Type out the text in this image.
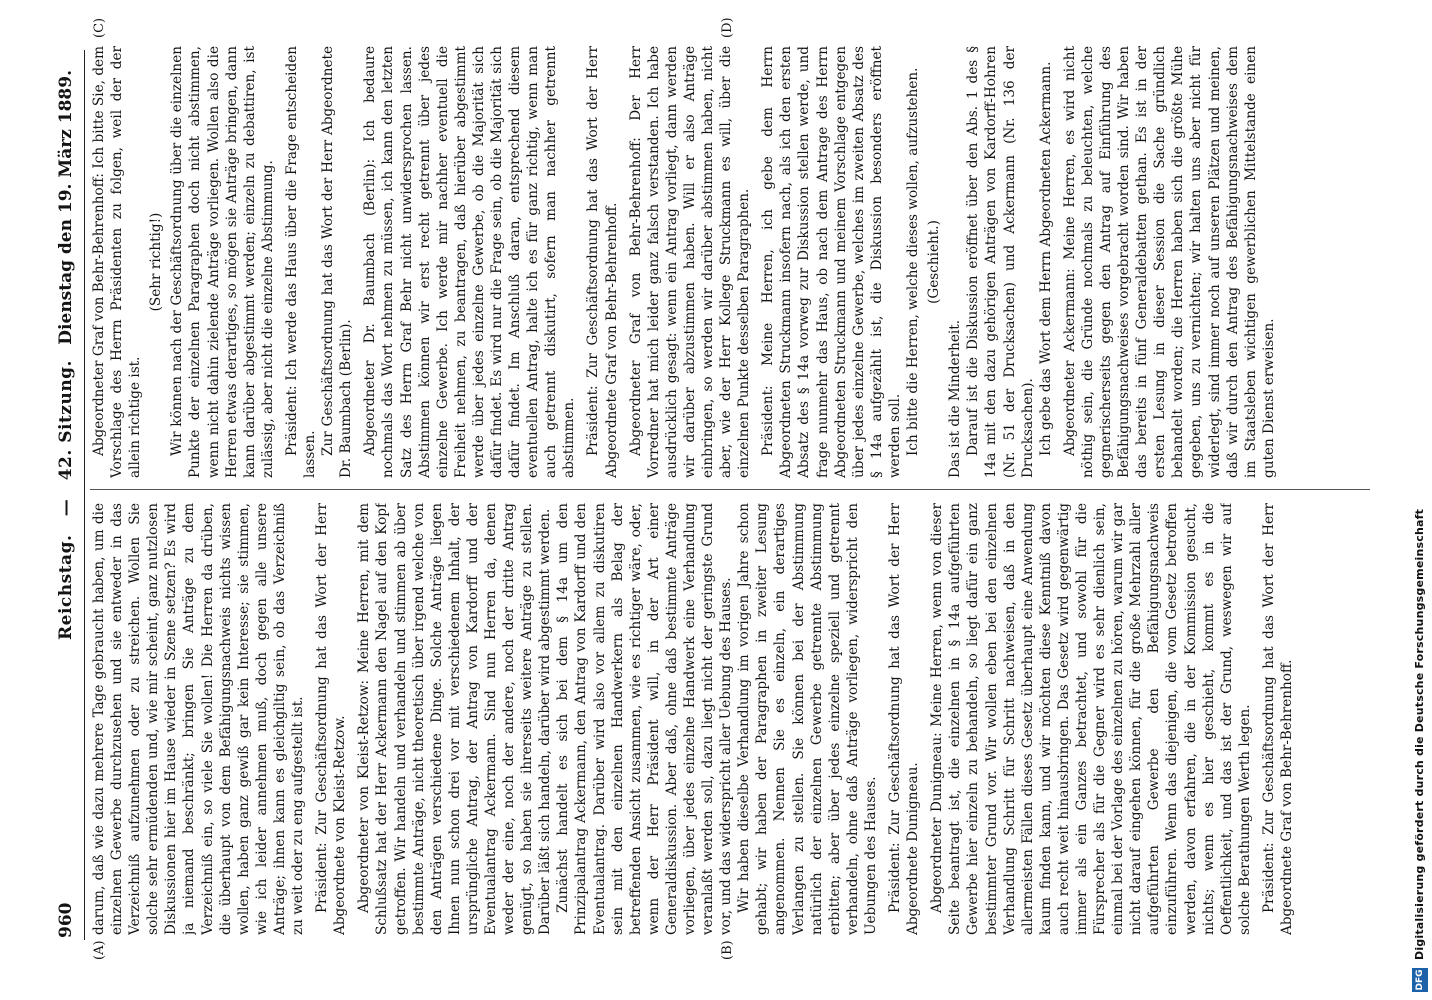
960
Reichstag. — 42. Sitzung.
Dienstag den 19. März 1889.
(A)	(B)
(C)	(D)

darum, daß wie dazu mehrere Tage gebraucht haben, um die einzelnen Gewerbe durchzusehen und sie entweder in das Verzeichniß aufzunehmen oder zu streichen. Wollen Sie solche sehr ermüdenden und, wie mir scheint, ganz nutzlosen Diskussionen hier im Hause wieder in Szene setzen? Es wird ja niemand beschränkt; bringen Sie Anträge zu dem Verzeichniß ein, so viele Sie wollen! Die Herren da drüben, die überhaupt von dem Befähigungsnachweis nichts wissen wollen, haben ganz gewiß gar kein Interesse; sie stimmen, wie ich leider annehmen muß, doch gegen alle unsere Anträge; ihnen kann es gleichgiltig sein, ob das Verzeichniß zu weit oder zu eng aufgestellt ist. Präsident: Zur Geschäftsordnung hat das Wort der Herr Abgeordnete von Kleist-Retzow. Abgeordneter von Kleist-Retzow: Meine Herren, mit dem Schlußsatz hat der Herr Ackermann den Nagel auf den Kopf getroffen. Wir handeln und verhandeln und stimmen ab über bestimmte Anträge, nicht theoretisch über irgend welche von den Anträgen verschiedene Dinge. Solche Anträge liegen Ihnen nun schon drei vor mit verschiedenem Inhalt, der ursprüngliche Antrag, der Antrag von Kardorff und der Eventualantrag Ackermann. Sind nun Herren da, denen weder der eine, noch der andere, noch der dritte Antrag genügt, so haben sie ihrerseits weitere Anträge zu stellen. Darüber läßt sich handeln, darüber wird abgestimmt werden. Zunächst handelt es sich bei dem § 14a um den Prinzipalantrag Ackermann, den Antrag von Kardorff und den Eventualantrag. Darüber wird also vor allem zu diskutiren sein mit den einzelnen Handwerkern als Belag der betreffenden Ansicht zusammen, wie es richtiger wäre, oder, wenn der Herr Präsident will, in der Art einer Generaldiskussion. Aber daß, ohne daß bestimmte Anträge vorliegen, über jedes einzelne Handwerk eine Verhandlung veranlaßt werden soll, dazu liegt nicht der geringste Grund vor, und das widerspricht aller Uebung des Hauses. Wir haben dieselbe Verhandlung im vorigen Jahre schon gehabt; wir haben der Paragraphen in zweiter Lesung angenommen. Nennen Sie es einzeln, ein derartiges Verlangen zu stellen. Sie können bei der Abstimmung natürlich der einzelnen Gewerbe getrennte Abstimmung erbitten; aber über jedes einzelne speziell und getrennt verhandeln, ohne daß Anträge vorliegen, widerspricht den Uebungen des Hauses. Präsident: Zur Geschäftsordnung hat das Wort der Herr Abgeordnete Dunigneau. Abgeordneter Dunigneau: Meine Herren, wenn von dieser Seite beantragt ist, die einzelnen in § 14a aufgeführten Gewerbe hier einzeln zu behandeln, so liegt dafür ein ganz bestimmter Grund vor. Wir wollen eben bei den einzelnen Verhandlung Schritt für Schritt nachweisen, daß in den allermeisten Fällen dieses Gesetz überhaupt eine Anwendung kaum finden kann, und wir möchten diese Kenntniß davon auch recht weit hinausbringen. Das Gesetz wird gegenwärtig immer als ein Ganzes betrachtet, und sowohl für die Fürsprecher als für die Gegner wird es sehr dienlich sein, einmal bei der Vorlage des einzelnen zu hören, warum wir gar nicht darauf eingehen können, für die große Mehrzahl aller aufgeführten Gewerbe den Befähigungsnachweis einzuführen. Wenn das diejenigen, die vom Gesetz betroffen werden, davon erfahren, die in der Kommission gesucht, nichts; wenn es hier geschieht, kommt es in die Oeffentlichkeit, und das ist der Grund, weswegen wir auf solche Berathungen Werth legen. Präsident: Zur Geschäftsordnung hat das Wort der Herr Abgeordnete Graf von Behr-Behrenhoff.

Abgeordneter Graf von Behr-Behrenhoff: Ich bitte Sie, dem Vorschlage des Herrn Präsidenten zu folgen, weil der der allein richtige ist.

(Sehr richtig!) Wir können nach der Geschäftsordnung über die einzelnen Punkte der einzelnen Paragraphen doch nicht abstimmen, wenn nicht dahin zielende Anträge vorliegen. Wollen also die Herren etwas derartiges, so mögen sie Anträge bringen, dann kann darüber abgestimmt werden; einzeln zu debattiren, ist zulässig, aber nicht die einzelne Abstimmung. Präsident: Ich werde das Haus über die Frage entscheiden lassen. Zur Geschäftsordnung hat das Wort der Herr Abgeordnete Dr. Baumbach (Berlin). Abgeordneter Dr. Baumbach (Berlin): Ich bedaure nochmals das Wort nehmen zu müssen, ich kann den letzten Satz des Herrn Graf Behr nicht unwidersprochen lassen. Abstimmen können wir erst recht getrennt über jedes einzelne Gewerbe. Ich werde mir nachher eventuell die Freiheit nehmen, zu beantragen, daß hierüber abgestimmt werde über jedes einzelne Gewerbe, ob die Majorität sich dafür findet. Es wird nur die Frage sein, ob die Majorität sich dafür findet. Im Anschluß daran, entsprechend diesem eventuellen Antrag, halte ich es für ganz richtig, wenn man auch getrennt diskutirt, sofern man nachher getrennt abstimmen. Präsident: Zur Geschäftsordnung hat das Wort der Herr Abgeordnete Graf von Behr-Behrenhoff. Abgeordneter Graf von Behr-Behrenhoff: Der Herr Vorredner hat mich leider ganz falsch verstanden. Ich habe ausdrücklich gesagt: wenn ein Antrag vorliegt, dann werden wir darüber abzustimmen haben. Will er also Anträge einbringen, so werden wir darüber abstimmen haben, nicht aber, wie der Herr Kollege Struckmann es will, über die einzelnen Punkte desselben Paragraphen. Präsident: Meine Herren, ich gebe dem Herrn Abgeordneten Struckmann insofern nach, als ich den ersten Absatz des § 14a vorweg zur Diskussion stellen werde, und frage nunmehr das Haus, ob nach dem Antrage des Herrn Abgeordneten Struckmann und meinem Vorschlage entgegen über jedes einzelne Gewerbe, welches im zweiten Absatz des § 14a aufgezählt ist, die Diskussion besonders eröffnet werden soll. Ich bitte die Herren, welche dieses wollen, aufzustehen. (Geschieht.)

Das ist die Minderheit. Darauf ist die Diskussion eröffnet über den Abs. 1 des § 14a mit den dazu gehörigen Anträgen von Kardorff-Hohren (Nr. 51 der Drucksachen) und Ackermann (Nr. 136 der Drucksachen). Ich gebe das Wort dem Herrn Abgeordneten Ackermann. Abgeordneter Ackermann: Meine Herren, es wird nicht nöthig sein, die Gründe nochmals zu beleuchten, welche gegnerischerseits gegen den Antrag auf Einführung des Befähigungsnachweises vorgebracht worden sind. Wir haben das bereits in fünf Generaldebatten gethan. Es ist in der ersten Lesung in dieser Session die Sache gründlich behandelt worden; die Herren haben sich die größte Mühe gegeben, uns zu vernichten; wir halten uns aber nicht für widerlegt, sind immer noch auf unseren Plätzen und meinen, daß wir durch den Antrag des Befähigungsnachweises dem im Staatsleben wichtigen gewerblichen Mittelstande einen guten Dienst erweisen.

DFG
Digitalisierung gefördert durch die Deutsche Forschungsgemeinschaft
